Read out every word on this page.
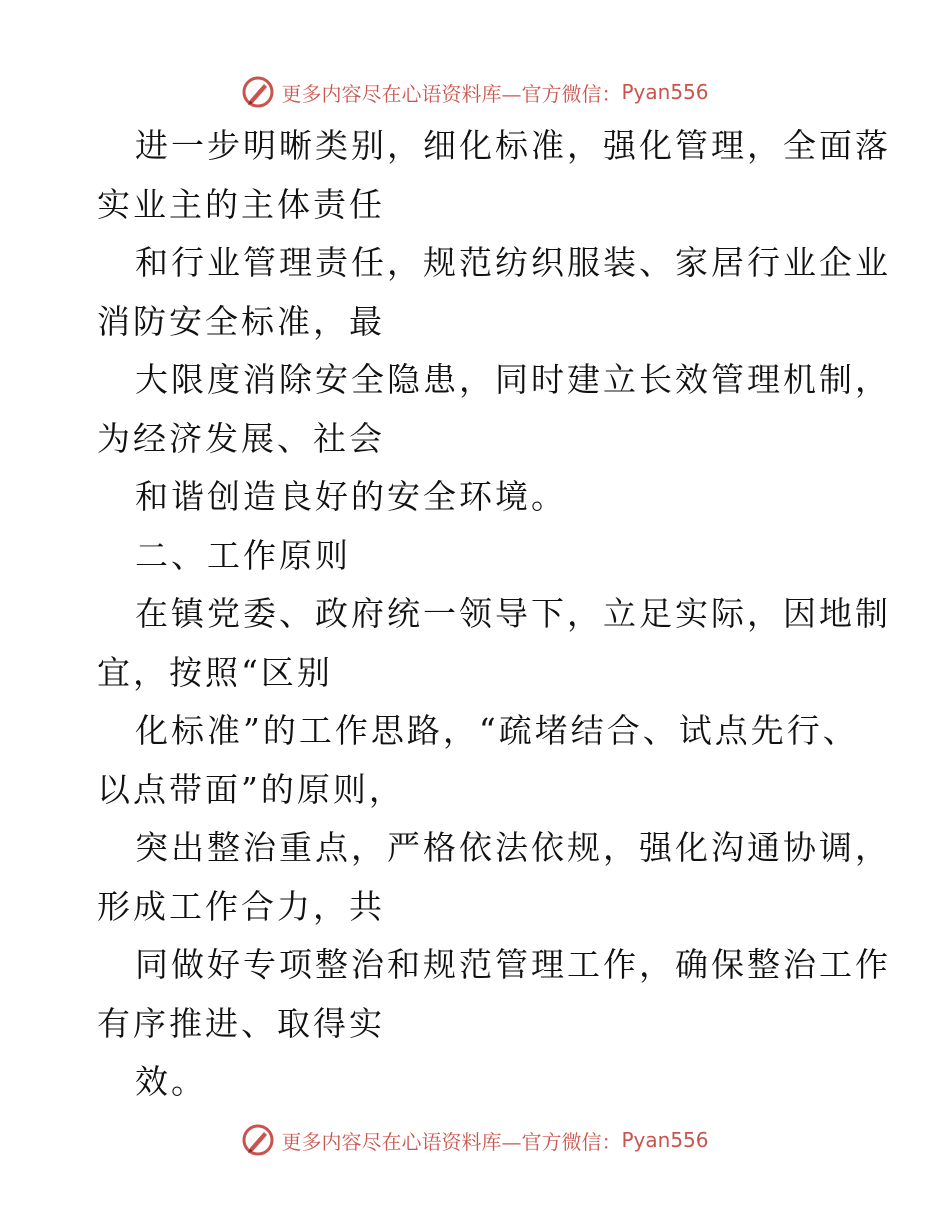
更多内容尽在心语资料库—官方微信： Pyan556
进一步明晰类别，细化标准，强化管理，全面落
实业主的主体责任
和行业管理责任，规范纺织服装、家居行业企业
消防安全标准，最
大限度消除安全隐患，同时建立长效管理机制，
为经济发展、社会
和谐创造良好的安全环境。
二、工作原则
在镇党委、政府统一领导下，立足实际，因地制
宜，按照“区别
化标准”的工作思路，“疏堵结合、试点先行、
以点带面”的原则，
突出整治重点，严格依法依规，强化沟通协调，
形成工作合力，共
同做好专项整治和规范管理工作，确保整治工作
有序推进、取得实
效。
更多内容尽在心语资料库—官方微信： Pyan556
